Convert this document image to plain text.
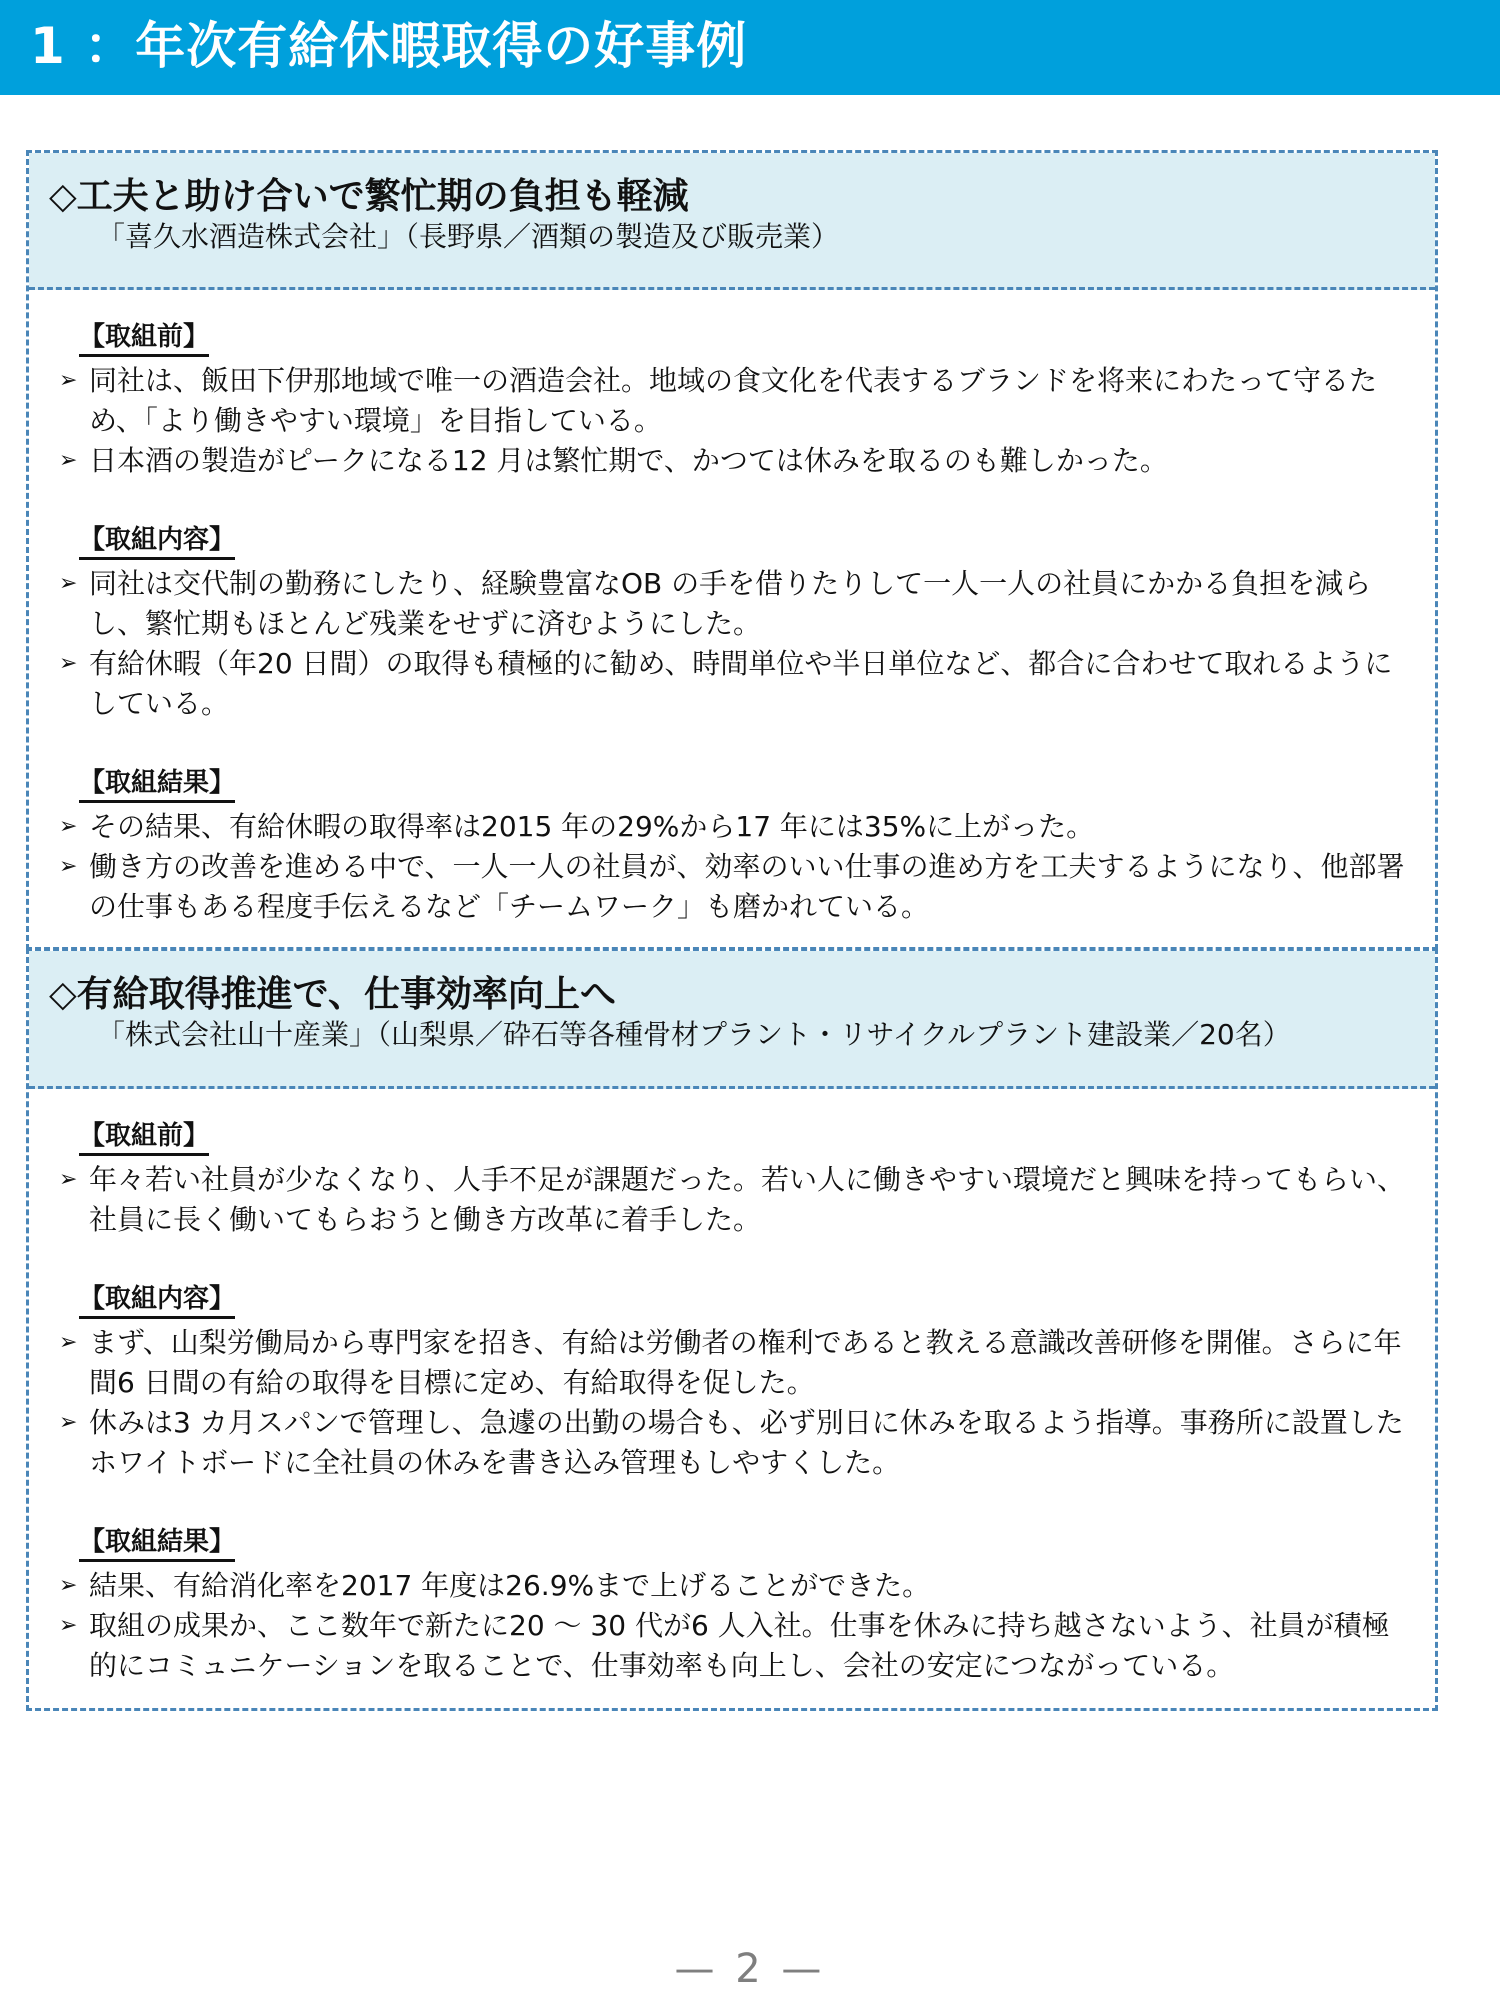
1 ：年次有給休暇取得の好事例
◇工夫と助け合いで繁忙期の負担も軽減
「喜久水酒造株式会社」（長野県／酒類の製造及び販売業）
【取組前】
➢ 同社は、飯田下伊那地域で唯一の酒造会社。地域の食文化を代表するブランドを将来にわたって守るため、「より働きやすい環境」を目指している。
➢ 日本酒の製造がピークになる12 月は繁忙期で、かつては休みを取るのも難しかった。
【取組内容】
➢ 同社は交代制の勤務にしたり、経験豊富なOB の手を借りたりして一人一人の社員にかかる負担を減らし、繁忙期もほとんど残業をせずに済むようにした。
➢ 有給休暇（年20 日間）の取得も積極的に勧め、時間単位や半日単位など、都合に合わせて取れるようにしている。
【取組結果】
➢ その結果、有給休暇の取得率は2015 年の29%から17 年には35%に上がった。
➢ 働き方の改善を進める中で、一人一人の社員が、効率のいい仕事の進め方を工夫するようになり、他部署の仕事もある程度手伝えるなど「チームワーク」も磨かれている。
◇有給取得推進で、仕事効率向上へ
「株式会社山十産業」（山梨県／砕石等各種骨材プラント・リサイクルプラント建設業／20名）
【取組前】
➢ 年々若い社員が少なくなり、人手不足が課題だった。若い人に働きやすい環境だと興味を持ってもらい、社員に長く働いてもらおうと働き方改革に着手した。
【取組内容】
➢ まず、山梨労働局から専門家を招き、有給は労働者の権利であると教える意識改善研修を開催。さらに年間6 日間の有給の取得を目標に定め、有給取得を促した。
➢ 休みは3 カ月スパンで管理し、急遽の出勤の場合も、必ず別日に休みを取るよう指導。事務所に設置したホワイトボードに全社員の休みを書き込み管理もしやすくした。
【取組結果】
➢ 結果、有給消化率を2017 年度は26.9%まで上げることができた。
➢ 取組の成果か、ここ数年で新たに20 ～ 30 代が6 人入社。仕事を休みに持ち越さないよう、社員が積極的にコミュニケーションを取ることで、仕事効率も向上し、会社の安定につながっている。
— 2 —
